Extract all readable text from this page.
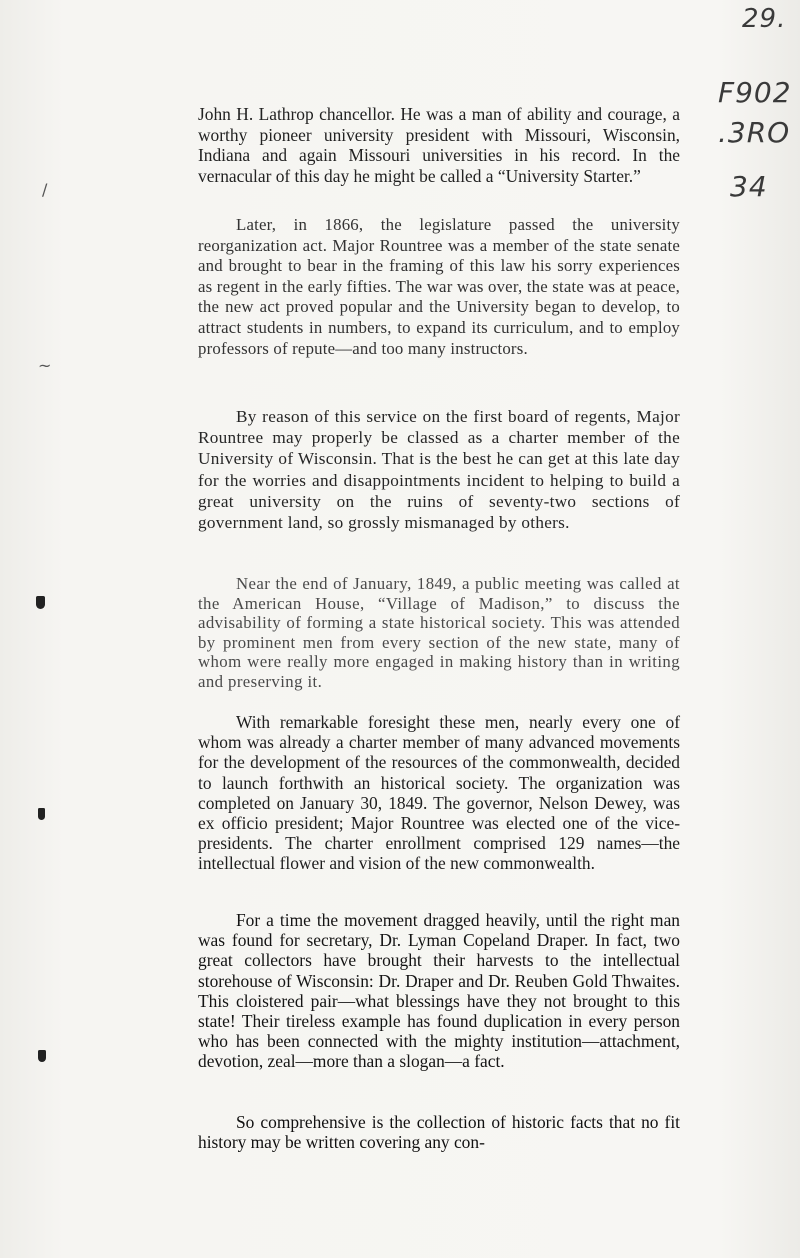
29.
F902
.3RO
34
/
~

John H. Lathrop chancellor. He was a man of ability and courage, a worthy pioneer university president with Missouri, Wisconsin, Indiana and again Missouri universities in his record. In the vernacular of this day he might be called a “University Starter.”

Later, in 1866, the legislature passed the university reorganization act. Major Rountree was a member of the state senate and brought to bear in the framing of this law his sorry experiences as regent in the early fifties. The war was over, the state was at peace, the new act proved popular and the University began to develop, to attract students in numbers, to expand its curriculum, and to employ professors of repute—and too many instructors.

By reason of this service on the first board of regents, Major Rountree may properly be classed as a charter member of the University of Wisconsin. That is the best he can get at this late day for the worries and disappointments incident to helping to build a great university on the ruins of seventy-two sections of government land, so grossly mismanaged by others.

Near the end of January, 1849, a public meeting was called at the American House, “Village of Madison,” to discuss the advisability of forming a state historical society. This was attended by prominent men from every section of the new state, many of whom were really more engaged in making history than in writing and preserving it.

With remarkable foresight these men, nearly every one of whom was already a charter member of many advanced movements for the development of the resources of the commonwealth, decided to launch forthwith an historical society. The organization was completed on January 30, 1849. The governor, Nelson Dewey, was ex officio president; Major Rountree was elected one of the vice-presidents. The charter enrollment comprised 129 names—the intellectual flower and vision of the new commonwealth.

For a time the movement dragged heavily, until the right man was found for secretary, Dr. Lyman Copeland Draper. In fact, two great collectors have brought their harvests to the intellectual storehouse of Wisconsin: Dr. Draper and Dr. Reuben Gold Thwaites. This cloistered pair—what blessings have they not brought to this state! Their tireless example has found duplication in every person who has been connected with the mighty institution—attachment, devotion, zeal—more than a slogan—a fact.

So comprehensive is the collection of historic facts that no fit history may be written covering any con-
